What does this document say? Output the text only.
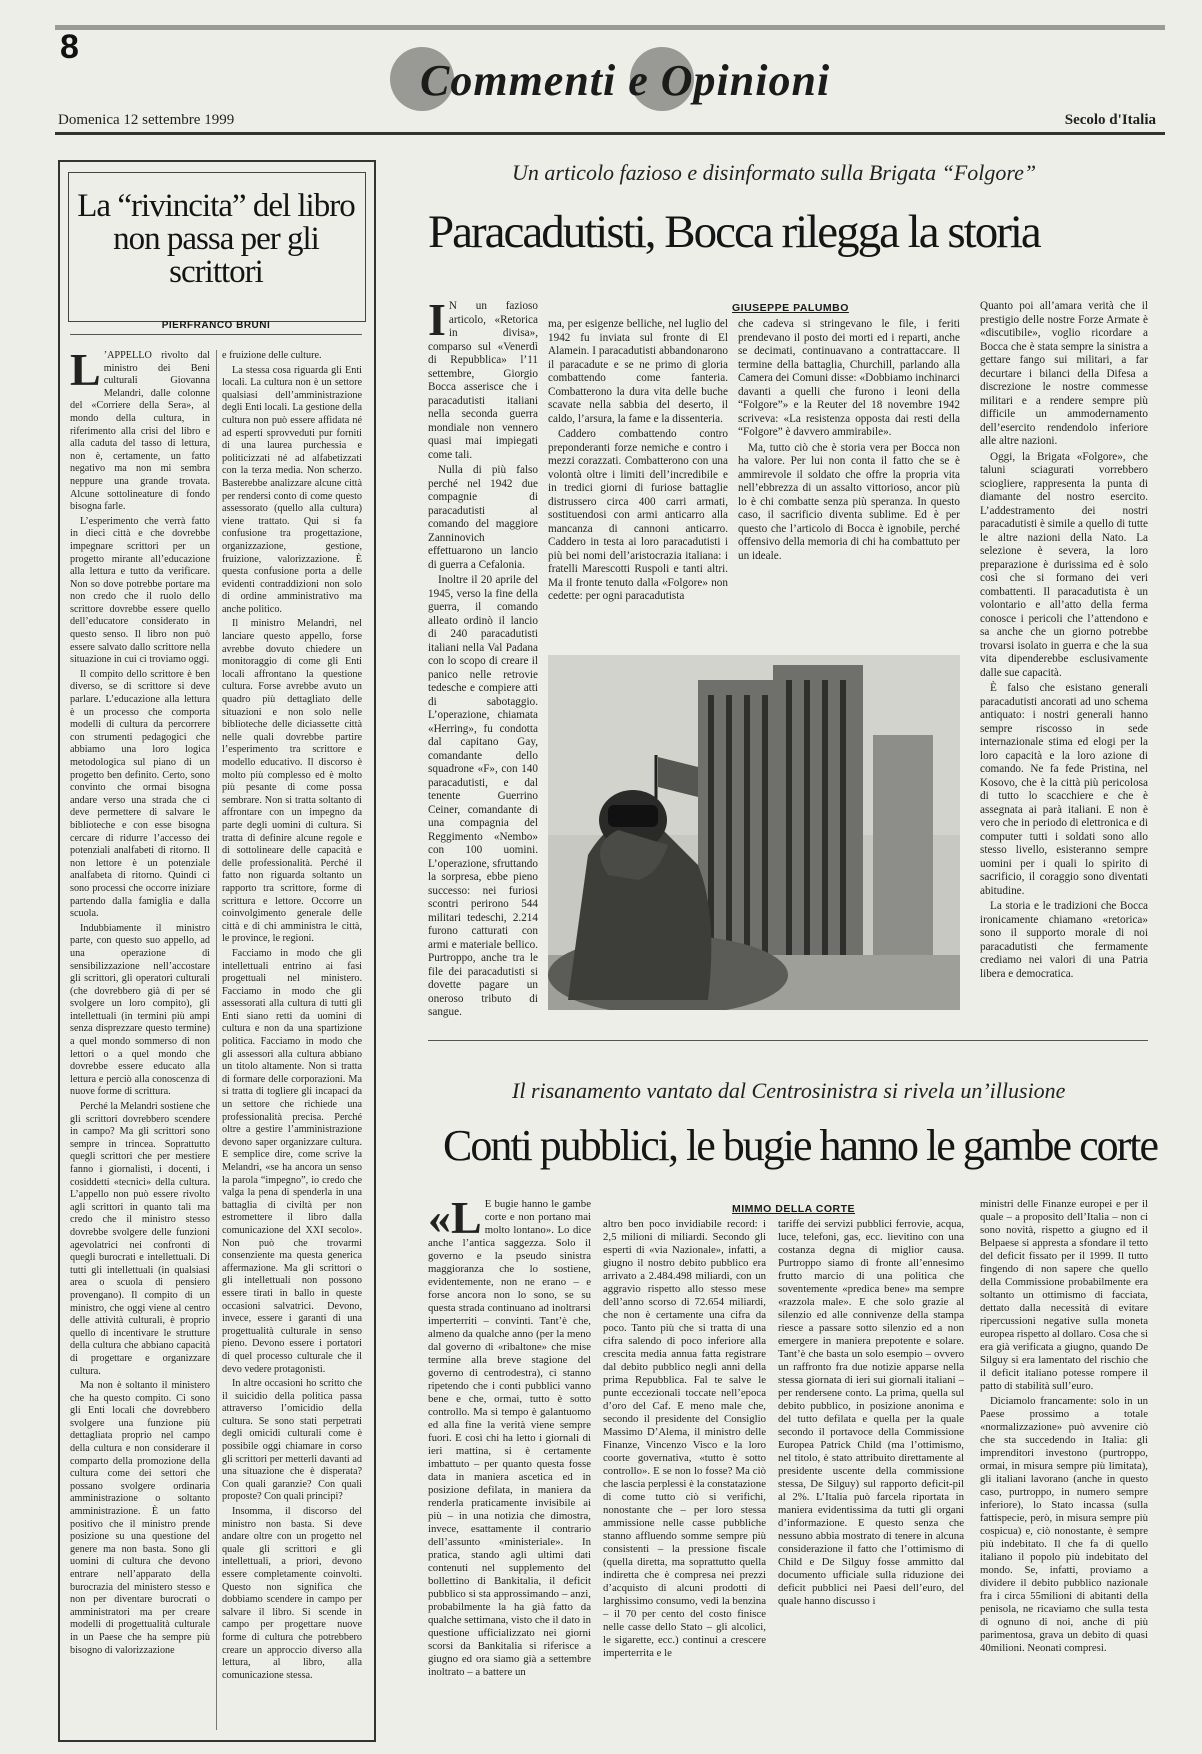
8
Commenti e Opinioni
Domenica 12 settembre 1999	Secolo d'Italia
La “rivincita” del libro non passa per gli scrittori
PIERFRANCO BRUNI

L ’APPELLO rivolto dal ministro dei Beni culturali Giovanna Melandri, dalle colonne del «Corriere della Sera», al mondo della cultura, in riferimento alla crisi del libro e alla caduta del tasso di lettura, non è, certamente, un fatto negativo ma non mi sembra neppure una grande trovata. Alcune sottolineature di fondo bisogna farle.

L’esperimento che verrà fatto in dieci città e che dovrebbe impegnare scrittori per un progetto mirante all’educazione alla lettura e tutto da verificare. Non so dove potrebbe portare ma non credo che il ruolo dello scrittore dovrebbe essere quello dell’educatore considerato in questo senso. Il libro non può essere salvato dallo scrittore nella situazione in cui ci troviamo oggi.

Il compito dello scrittore è ben diverso, se di scrittore si deve parlare. L’educazione alla lettura è un processo che comporta modelli di cultura da percorrere con strumenti pedagogici che abbiamo una loro logica metodologica sul piano di un progetto ben definito. Certo, sono convinto che ormai bisogna andare verso una strada che ci deve permettere di salvare le biblioteche e con esse bisogna cercare di ridurre l’accesso dei potenziali analfabeti di ritorno. Il non lettore è un potenziale analfabeta di ritorno. Quindi ci sono processi che occorre iniziare partendo dalla famiglia e dalla scuola.

Indubbiamente il ministro parte, con questo suo appello, ad una operazione di sensibilizzazione nell’accostare gli scrittori, gli operatori culturali (che dovrebbero già di per sé svolgere un loro compito), gli intellettuali (in termini più ampi senza disprezzare questo termine) a quel mondo sommerso di non lettori o a quel mondo che dovrebbe essere educato alla lettura e perciò alla conoscenza di nuove forme di scrittura.

Perché la Melandri sostiene che gli scrittori dovrebbero scendere in campo? Ma gli scrittori sono sempre in trincea. Soprattutto quegli scrittori che per mestiere fanno i giornalisti, i docenti, i cosiddetti «tecnici» della cultura. L’appello non può essere rivolto agli scrittori in quanto tali ma credo che il ministro stesso dovrebbe svolgere delle funzioni agevolatrici nei confronti di quegli burocrati e intellettuali. Di tutti gli intellettuali (in qualsiasi area o scuola di pensiero provengano). Il compito di un ministro, che oggi viene al centro delle attività culturali, è proprio quello di incentivare le strutture della cultura che abbiano capacità di progettare e organizzare cultura.

Ma non è soltanto il ministero che ha questo compito. Ci sono gli Enti locali che dovrebbero svolgere una funzione più dettagliata proprio nel campo della cultura e non considerare il comparto della promozione della cultura come dei settori che possano svolgere ordinaria amministrazione o soltanto amministrazione. È un fatto positivo che il ministro prende posizione su una questione del genere ma non basta. Sono gli uomini di cultura che devono entrare nell’apparato della burocrazia del ministero stesso e non per diventare burocrati o amministratori ma per creare modelli di progettualità culturale in un Paese che ha sempre più bisogno di valorizzazione

e fruizione delle culture.

La stessa cosa riguarda gli Enti locali. La cultura non è un settore qualsiasi dell’amministrazione degli Enti locali. La gestione della cultura non può essere affidata né ad esperti sprovveduti pur forniti di una laurea purchessia e politicizzati né ad alfabetizzati con la terza media. Non scherzo. Basterebbe analizzare alcune città per rendersi conto di come questo assessorato (quello alla cultura) viene trattato. Qui si fa confusione tra progettazione, organizzazione, gestione, fruizione, valorizzazione. È questa confusione porta a delle evidenti contraddizioni non solo di ordine amministrativo ma anche politico.

Il ministro Melandri, nel lanciare questo appello, forse avrebbe dovuto chiedere un monitoraggio di come gli Enti locali affrontano la questione cultura. Forse avrebbe avuto un quadro più dettagliato delle situazioni e non solo nelle biblioteche delle diciassette città nelle quali dovrebbe partire l’esperimento tra scrittore e modello educativo. Il discorso è molto più complesso ed è molto più pesante di come possa sembrare. Non si tratta soltanto di affrontare con un impegno da parte degli uomini di cultura. Si tratta di definire alcune regole e di sottolineare delle capacità e delle professionalità. Perché il fatto non riguarda soltanto un rapporto tra scrittore, forme di scrittura e lettore. Occorre un coinvolgimento generale delle città e di chi amministra le città, le province, le regioni.

Facciamo in modo che gli intellettuali entrino ai fasi progettuali nel ministero. Facciamo in modo che gli assessorati alla cultura di tutti gli Enti siano retti da uomini di cultura e non da una spartizione politica. Facciamo in modo che gli assessori alla cultura abbiano un titolo altamente. Non si tratta di formare delle corporazioni. Ma si tratta di togliere gli incapaci da un settore che richiede una professionalità precisa. Perché oltre a gestire l’amministrazione devono saper organizzare cultura. E semplice dire, come scrive la Melandri, «se ha ancora un senso la parola “impegno”, io credo che valga la pena di spenderla in una battaglia di civiltà per non estromettere il libro dalla comunicazione del XXI secolo». Non può che trovarmi consenziente ma questa generica affermazione. Ma gli scrittori o gli intellettuali non possono essere tirati in ballo in queste occasioni salvatrici. Devono, invece, essere i garanti di una progettualità culturale in senso pieno. Devono essere i portatori di quel processo culturale che il devo vedere protagonisti.

In altre occasioni ho scritto che il suicidio della politica passa attraverso l’omicidio della cultura. Se sono stati perpetrati degli omicidi culturali come è possibile oggi chiamare in corso gli scrittori per metterli davanti ad una situazione che è disperata? Con quali garanzie? Con quali proposte? Con quali principi?

Insomma, il discorso del ministro non basta. Si deve andare oltre con un progetto nel quale gli scrittori e gli intellettuali, a priori, devono essere completamente coinvolti. Questo non significa che dobbiamo scendere in campo per salvare il libro. Si scende in campo per progettare nuove forme di cultura che potrebbero creare un approccio diverso alla lettura, al libro, alla comunicazione stessa.

Un articolo fazioso e disinformato sulla Brigata “Folgore”
Paracadutisti, Bocca rilegga la storia
GIUSEPPE PALUMBO

I N un fazioso articolo, «Retorica in divisa», comparso sul «Venerdì di Repubblica» l’11 settembre, Giorgio Bocca asserisce che i paracadutisti italiani nella seconda guerra mondiale non vennero quasi mai impiegati come tali.

Nulla di più falso perché nel 1942 due compagnie di paracadutisti al comando del maggiore Zanninovich effettuarono un lancio di guerra a Cefalonia.

Inoltre il 20 aprile del 1945, verso la fine della guerra, il comando alleato ordinò il lancio di 240 paracadutisti italiani nella Val Padana con lo scopo di creare il panico nelle retrovie tedesche e compiere atti di sabotaggio. L’operazione, chiamata «Herring», fu condotta dal capitano Gay, comandante dello squadrone «F», con 140 paracadutisti, e dal tenente Guerrino Ceiner, comandante di una compagnia del Reggimento «Nembo» con 100 uomini. L’operazione, sfruttando la sorpresa, ebbe pieno successo: nei furiosi scontri perirono 544 militari tedeschi, 2.214 furono catturati con armi e materiale bellico. Purtroppo, anche tra le file dei paracadutisti si dovette pagare un oneroso tributo di sangue.

ma, per esigenze belliche, nel luglio del 1942 fu inviata sul fronte di El Alamein. I paracadutisti abbandonarono il paracadute e se ne primo di gloria combattendo come fanteria. Combatterono la dura vita delle buche scavate nella sabbia del deserto, il caldo, l’arsura, la fame e la dissenteria.

Caddero combattendo contro preponderanti forze nemiche e contro i mezzi corazzati. Combatterono con una volontà oltre i limiti dell’incredibile e in tredici giorni di furiose battaglie distrussero circa 400 carri armati, sostituendosi con armi anticarro alla mancanza di cannoni anticarro. Caddero in testa ai loro paracadutisti i più bei nomi dell’aristocrazia italiana: i fratelli Marescotti Ruspoli e tanti altri. Ma il fronte tenuto dalla «Folgore» non cedette: per ogni paracadutista

che cadeva si stringevano le file, i feriti prendevano il posto dei morti ed i reparti, anche se decimati, continuavano a contrattaccare. Il termine della battaglia, Churchill, parlando alla Camera dei Comuni disse: «Dobbiamo inchinarci davanti a quelli che furono i leoni della “Folgore”» e la Reuter del 18 novembre 1942 scriveva: «La resistenza opposta dai resti della “Folgore” è davvero ammirabile».

Ma, tutto ciò che è storia vera per Bocca non ha valore. Per lui non conta il fatto che se è ammirevole il soldato che offre la propria vita nell’ebbrezza di un assalto vittorioso, ancor più lo è chi combatte senza più speranza. In questo caso, il sacrificio diventa sublime. Ed è per questo che l’articolo di Bocca è ignobile, perché offensivo della memoria di chi ha combattuto per un ideale.

Quanto poi all’amara verità che il prestigio delle nostre Forze Armate è «discutibile», voglio ricordare a Bocca che è stata sempre la sinistra a gettare fango sui militari, a far decurtare i bilanci della Difesa a discrezione le nostre commesse militari e a rendere sempre più difficile un ammodernamento dell’esercito rendendolo inferiore alle altre nazioni.

Oggi, la Brigata «Folgore», che taluni sciagurati vorrebbero sciogliere, rappresenta la punta di diamante del nostro esercito. L’addestramento dei nostri paracadutisti è simile a quello di tutte le altre nazioni della Nato. La selezione è severa, la loro preparazione è durissima ed è solo così che si formano dei veri combattenti. Il paracadutista è un volontario e all’atto della ferma conosce i pericoli che l’attendono e sa anche che un giorno potrebbe trovarsi isolato in guerra e che la sua vita dipenderebbe esclusivamente dalle sue capacità.

È falso che esistano generali paracadutisti ancorati ad uno schema antiquato: i nostri generali hanno sempre riscosso in sede internazionale stima ed elogi per la loro capacità e la loro azione di comando. Ne fa fede Pristina, nel Kosovo, che è la città più pericolosa di tutto lo scacchiere e che è assegnata ai parà italiani. E non è vero che in periodo di elettronica e di computer tutti i soldati sono allo stesso livello, esisteranno sempre uomini per i quali lo spirito di sacrificio, il coraggio sono diventati abitudine.

La storia e le tradizioni che Bocca ironicamente chiamano «retorica» sono il supporto morale di noi paracadutisti che fermamente crediamo nei valori di una Patria libera e democratica.

Il risanamento vantato dal Centrosinistra si rivela un’illusione
Conti pubblici, le bugie hanno le gambe corte
MIMMO DELLA CORTE

«L E bugie hanno le gambe corte e non portano mai molto lontano». Lo dice anche l’antica saggezza. Solo il governo e la pseudo sinistra maggioranza che lo sostiene, evidentemente, non ne erano – e forse ancora non lo sono, se su questa strada continuano ad inoltrarsi imperterriti – convinti. Tant’è che, almeno da qualche anno (per la meno dal governo di «ribaltone» che mise termine alla breve stagione del governo di centrodestra), ci stanno ripetendo che i conti pubblici vanno bene e che, ormai, tutto è sotto controllo. Ma si tempo è galantuomo ed alla fine la verità viene sempre fuori. E così chi ha letto i giornali di ieri mattina, si è certamente imbattuto – per quanto questa fosse data in maniera ascetica ed in posizione defilata, in maniera da renderla praticamente invisibile ai più – in una notizia che dimostra, invece, esattamente il contrario dell’assunto «ministeriale». In pratica, stando agli ultimi dati contenuti nel supplemento del bollettino di Bankitalia, il deficit pubblico si sta approssimando – anzi, probabilmente la ha già fatto da qualche settimana, visto che il dato in questione ufficializzato nei giorni scorsi da Bankitalia si riferisce a giugno ed ora siamo già a settembre inoltrato – a battere un

altro ben poco invidiabile record: i 2,5 milioni di miliardi. Secondo gli esperti di «via Nazionale», infatti, a giugno il nostro debito pubblico era arrivato a 2.484.498 miliardi, con un aggravio rispetto allo stesso mese dell’anno scorso di 72.654 miliardi, che non è certamente una cifra da poco. Tanto più che si tratta di una cifra salendo di poco inferiore alla crescita media annua fatta registrare dal debito pubblico negli anni della prima Repubblica. Fal te salve le punte eccezionali toccate nell’epoca d’oro del Caf. E meno male che, secondo il presidente del Consiglio Massimo D’Alema, il ministro delle Finanze, Vincenzo Visco e la loro coorte governativa, «tutto è sotto controllo». E se non lo fosse? Ma ciò che lascia perplessi è la constatazione di come tutto ciò si verifichi, nonostante che – per loro stessa ammissione nelle casse pubbliche stanno affluendo somme sempre più consistenti – la pressione fiscale (quella diretta, ma soprattutto quella indiretta che è compresa nei prezzi d’acquisto di alcuni prodotti di larghissimo consumo, vedi la benzina – il 70 per cento del costo finisce nelle casse dello Stato – gli alcolici, le sigarette, ecc.) continui a crescere imperterrita e le

tariffe dei servizi pubblici ferrovie, acqua, luce, telefoni, gas, ecc. lievitino con una costanza degna di miglior causa. Purtroppo siamo di fronte all’ennesimo frutto marcio di una politica che soventemente «predica bene» ma sempre «razzola male». E che solo grazie al silenzio ed alle connivenze della stampa riesce a passare sotto silenzio ed a non emergere in maniera prepotente e solare. Tant’è che basta un solo esempio – ovvero un raffronto fra due notizie apparse nella stessa giornata di ieri sui giornali italiani – per rendersene conto. La prima, quella sul debito pubblico, in posizione anonima e del tutto defilata e quella per la quale secondo il portavoce della Commissione Europea Patrick Child (ma l’ottimismo, nel titolo, è stato attribuito direttamente al presidente uscente della commissione stessa, De Silguy) sul rapporto deficit-pil al 2%. L’Italia può farcela riportata in maniera evidentissima da tutti gli organi d’informazione. E questo senza che nessuno abbia mostrato di tenere in alcuna considerazione il fatto che l’ottimismo di Child e De Silguy fosse ammitto dal documento ufficiale sulla riduzione dei deficit pubblici nei Paesi dell’euro, del quale hanno discusso i

ministri delle Finanze europei e per il quale – a proposito dell’Italia – non ci sono novità, rispetto a giugno ed il Belpaese si appresta a sfondare il tetto del deficit fissato per il 1999. Il tutto fingendo di non sapere che quello della Commissione probabilmente era soltanto un ottimismo di facciata, dettato dalla necessità di evitare ripercussioni negative sulla moneta europea rispetto al dollaro. Cosa che si era già verificata a giugno, quando De Silguy si era lamentato del rischio che il deficit italiano potesse rompere il patto di stabilità sull’euro.

Diciamolo francamente: solo in un Paese prossimo a totale «normalizzazione» può avvenire ciò che sta succedendo in Italia: gli imprenditori investono (purtroppo, ormai, in misura sempre più limitata), gli italiani lavorano (anche in questo caso, purtroppo, in numero sempre inferiore), lo Stato incassa (sulla fattispecie, però, in misura sempre più cospicua) e, ciò nonostante, è sempre più indebitato. Il che fa di quello italiano il popolo più indebitato del mondo. Se, infatti, proviamo a dividere il debito pubblico nazionale fra i circa 55milioni di abitanti della penisola, ne ricaviamo che sulla testa di ognuno di noi, anche di più parimentosa, grava un debito di quasi 40milioni. Neonati compresi.
